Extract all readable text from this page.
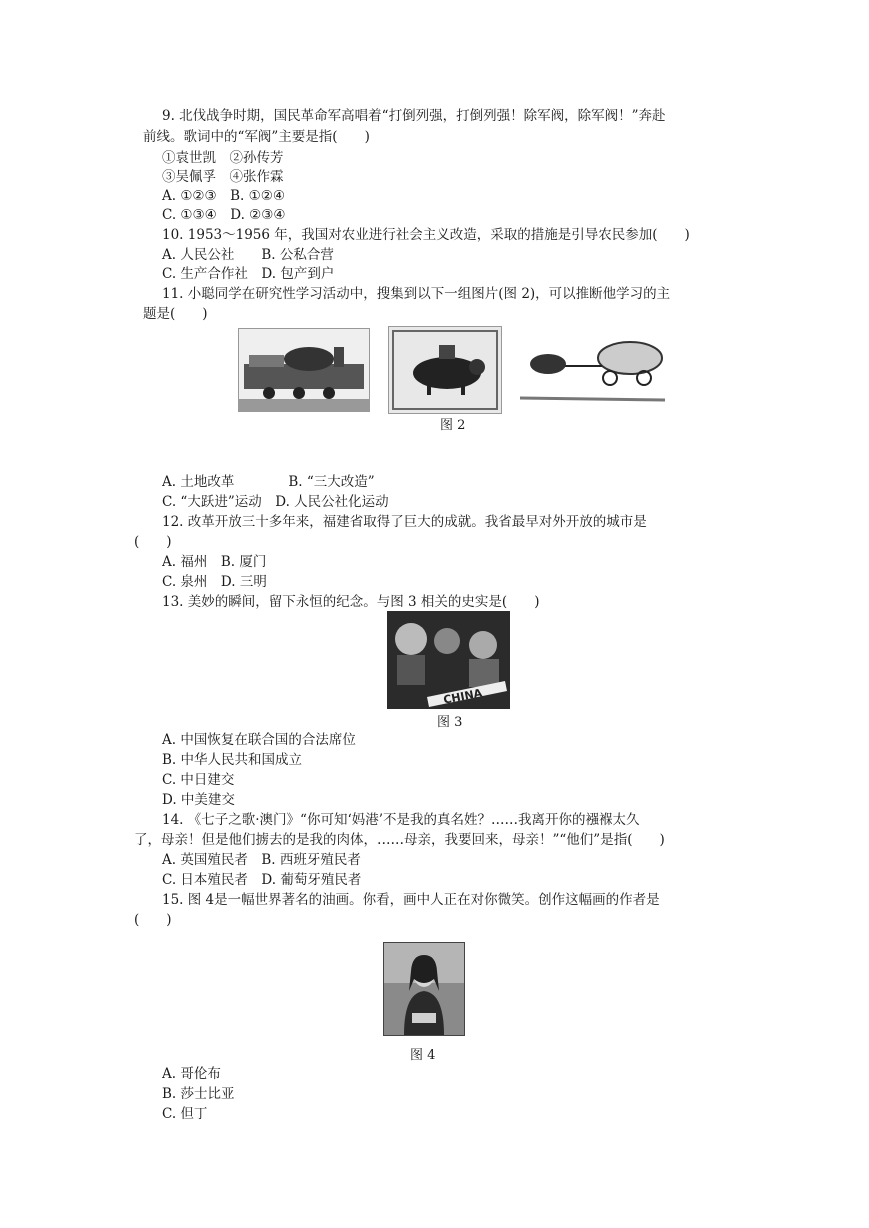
9. 北伐战争时期，国民革命军高唱着“打倒列强，打倒列强！除军阀，除军阀！”奔赴
前线。歌词中的“军阀”主要是指(　　)
①袁世凯　②孙传芳
③吴佩孚　④张作霖
A. ①②③　B. ①②④
C. ①③④　D. ②③④
10. 1953～1956 年，我国对农业进行社会主义改造，采取的措施是引导农民参加(　　)
A. 人民公社　　B. 公私合营
C. 生产合作社　D. 包产到户
11. 小聪同学在研究性学习活动中，搜集到以下一组图片(图 2)，可以推断他学习的主
题是(　　)
图 2
A. 土地改革　　　　B. “三大改造”
C. “大跃进”运动　D. 人民公社化运动
12. 改革开放三十多年来，福建省取得了巨大的成就。我省最早对外开放的城市是
(　　)
A. 福州　B. 厦门
C. 泉州　D. 三明
13. 美妙的瞬间，留下永恒的纪念。与图 3 相关的史实是(　　)
CHINA
图 3
A. 中国恢复在联合国的合法席位
B. 中华人民共和国成立
C. 中日建交
D. 中美建交
14. 《七子之歌·澳门》“你可知‘妈港’不是我的真名姓？……我离开你的襁褓太久
了，母亲！但是他们掳去的是我的肉体，……母亲，我要回来，母亲！”“他们”是指(　　)
A. 英国殖民者　B. 西班牙殖民者
C. 日本殖民者　D. 葡萄牙殖民者
15. 图 4是一幅世界著名的油画。你看，画中人正在对你微笑。创作这幅画的作者是
(　　)
图 4
A. 哥伦布
B. 莎士比亚
C. 但丁
